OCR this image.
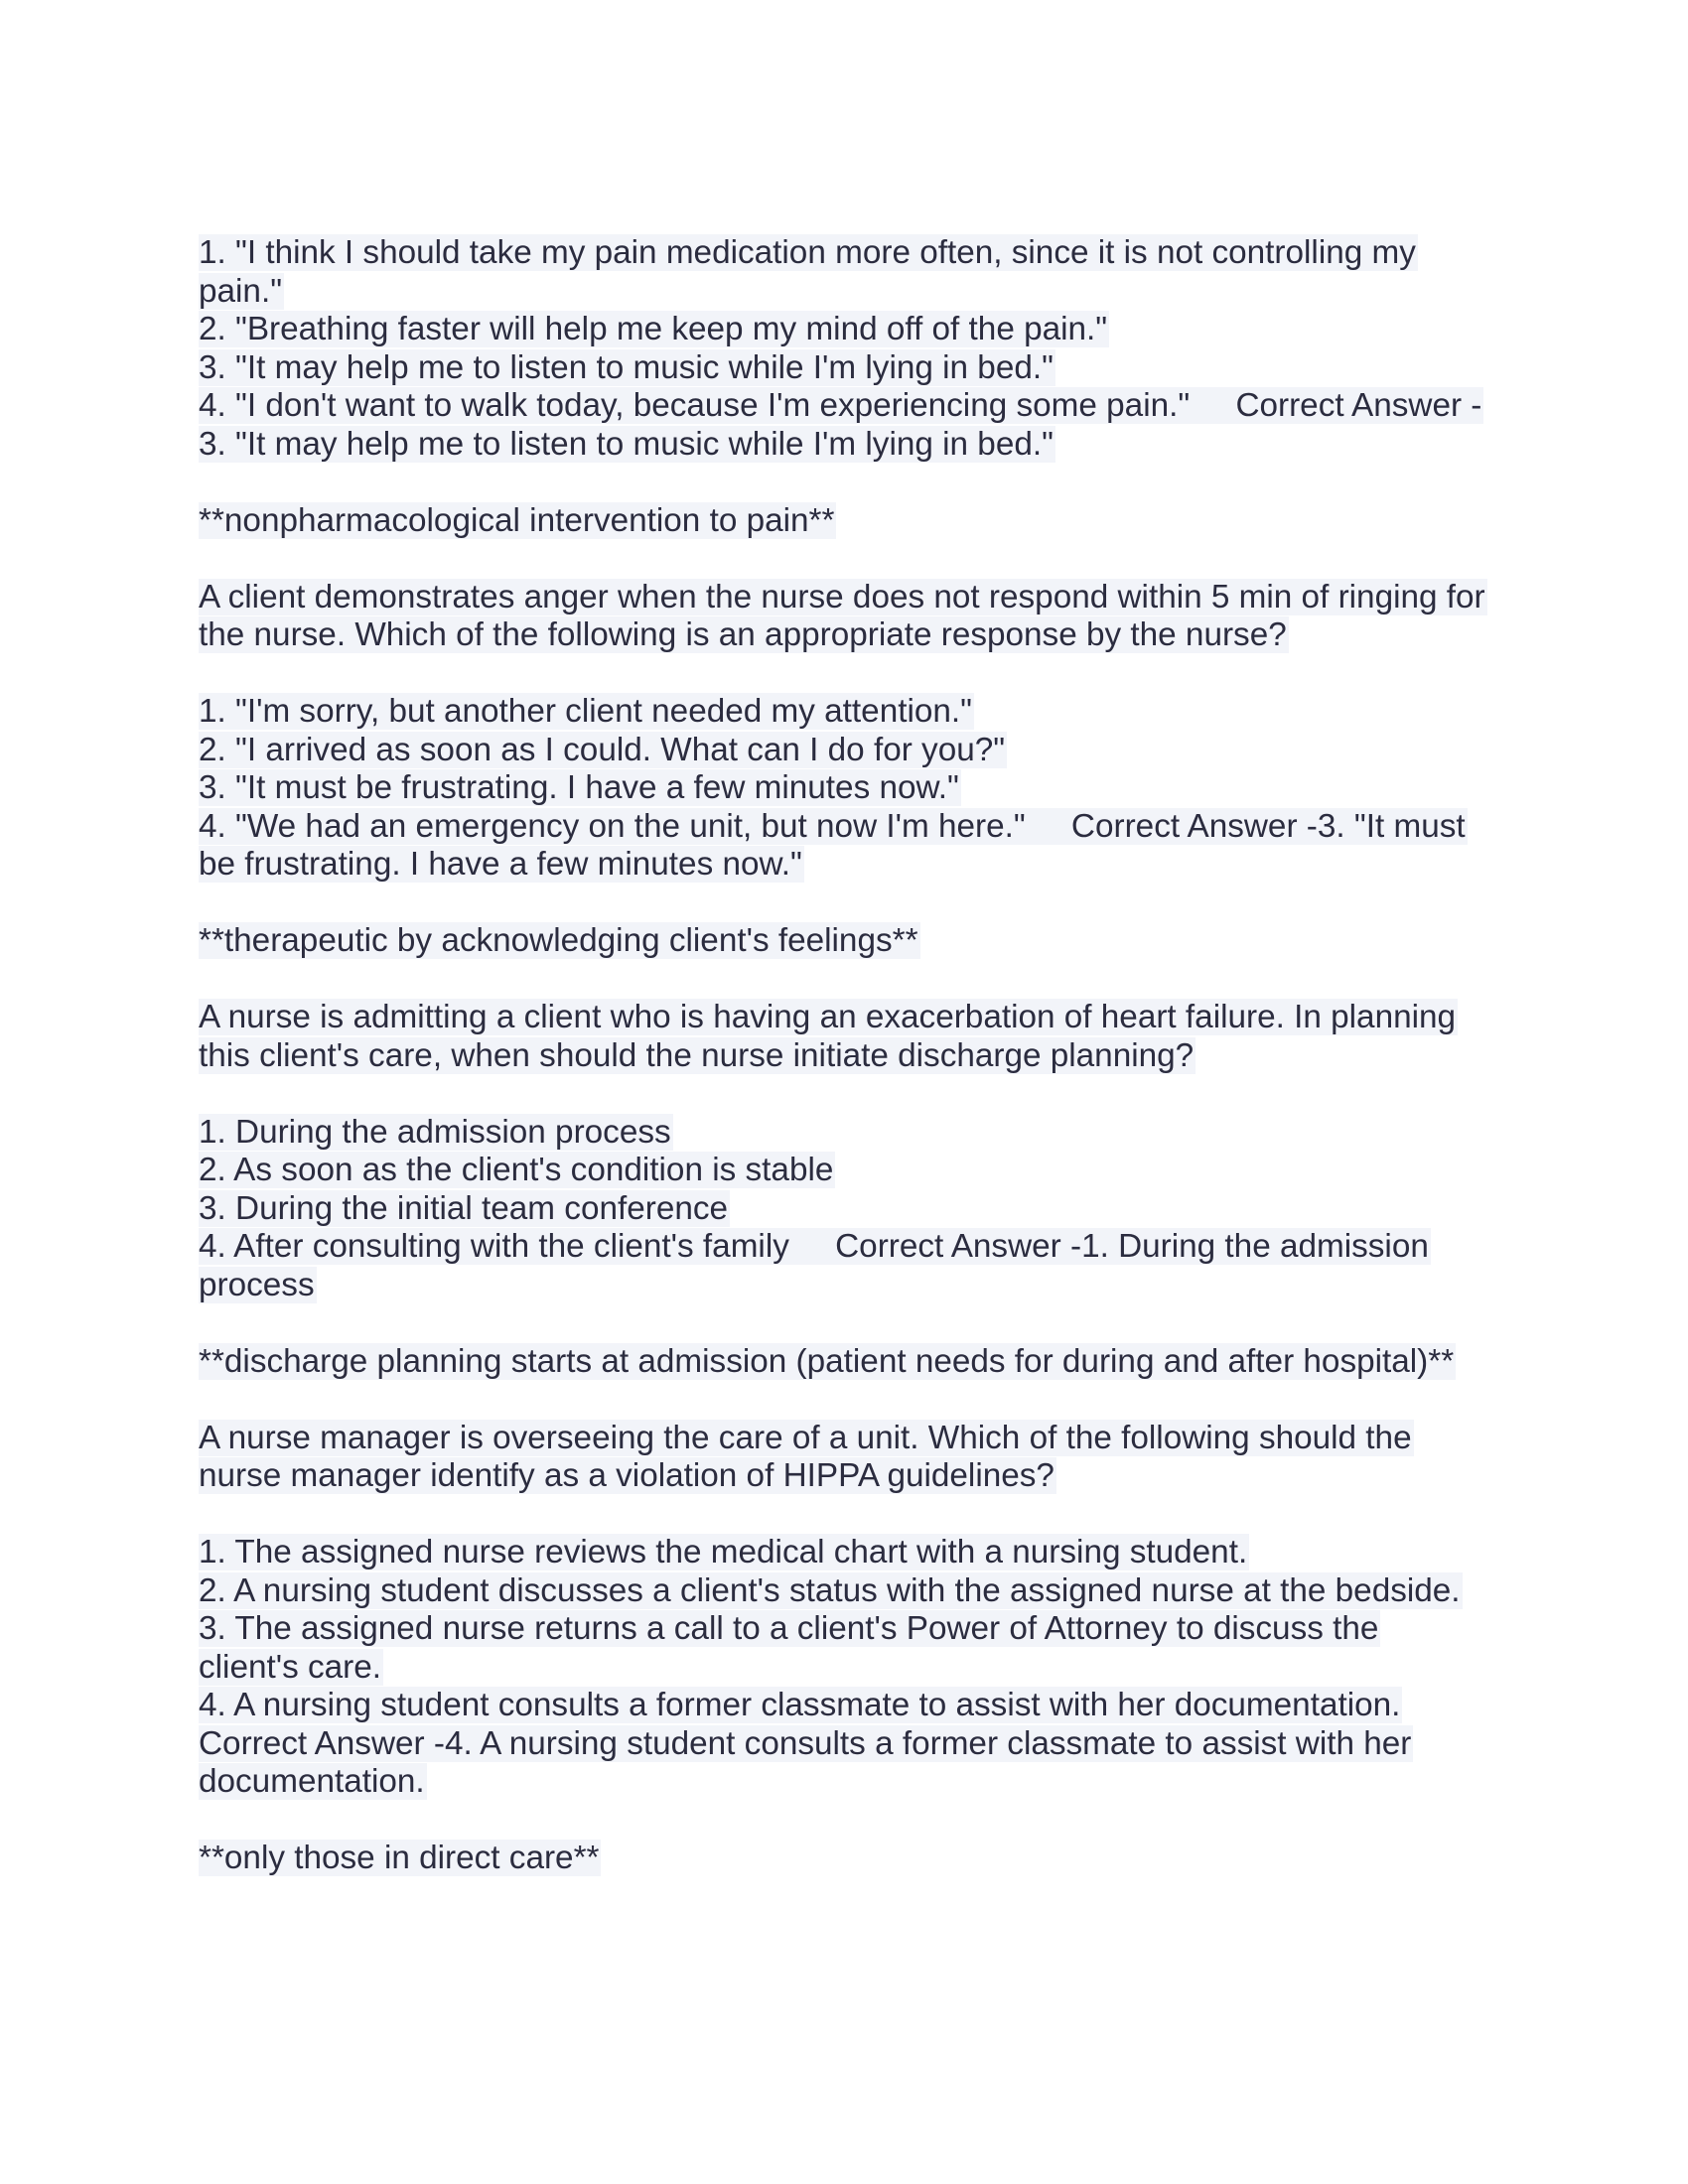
1. "I think I should take my pain medication more often, since it is not controlling my
pain."
2. "Breathing faster will help me keep my mind off of the pain."
3. "It may help me to listen to music while I'm lying in bed."
4. "I don't want to walk today, because I'm experiencing some pain."     Correct Answer -
3. "It may help me to listen to music while I'm lying in bed."
**nonpharmacological intervention to pain**
A client demonstrates anger when the nurse does not respond within 5 min of ringing for
the nurse. Which of the following is an appropriate response by the nurse?
1. "I'm sorry, but another client needed my attention."
2. "I arrived as soon as I could. What can I do for you?"
3. "It must be frustrating. I have a few minutes now."
4. "We had an emergency on the unit, but now I'm here."     Correct Answer -3. "It must
be frustrating. I have a few minutes now."
**therapeutic by acknowledging client's feelings**
A nurse is admitting a client who is having an exacerbation of heart failure. In planning
this client's care, when should the nurse initiate discharge planning?
1. During the admission process
2. As soon as the client's condition is stable
3. During the initial team conference
4. After consulting with the client's family     Correct Answer -1. During the admission
process
**discharge planning starts at admission (patient needs for during and after hospital)**
A nurse manager is overseeing the care of a unit. Which of the following should the
nurse manager identify as a violation of HIPPA guidelines?
1. The assigned nurse reviews the medical chart with a nursing student.
2. A nursing student discusses a client's status with the assigned nurse at the bedside.
3. The assigned nurse returns a call to a client's Power of Attorney to discuss the
client's care.
4. A nursing student consults a former classmate to assist with her documentation.
Correct Answer -4. A nursing student consults a former classmate to assist with her
documentation.
**only those in direct care**
